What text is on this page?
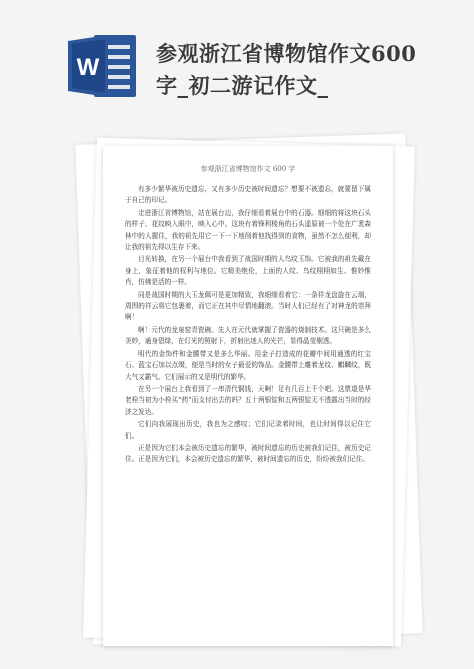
W
参观浙江省博物馆作文600
字_初二游记作文_
参观浙江省博物馆作文 600 字

有多少繁华被历史遗忘，又有多少历史被时间遗忘？想要不被遗忘，就要留下属于自己的印记。

走进浙江省博物馆，站在展台边，我仔细看着展台中的石器。细细的将这块石头的样子、花纹映入眼中，映入心中。这块有着锋利棱角的石头遥原被一个处在广袤森林中的人握住，我的祖先用它一下一下地削着他找得到的食物，虽然不怎么便利，却让我的祖先得以生存下来。

目光转换，在另一个展台中我看到了战国时期的人鸟纹玉饰。它被我的祖先戴在身上，象征着他的权利与地位。它精美绝伦，上面的人纹、鸟纹栩栩如生、惟妙惟肖，仿佛是活的一样。

同是战国时期的大玉龙佩可是更加精致，我细细看着它：一条祥龙盘旋在云端，周围的祥云将它包裹着，而它正在其中尽情地翻滚。当时人们已经有了对神龙的崇拜啊！

啊！元代的龙泉窑青瓷碗。先人在元代就掌握了瓷器的烧制技术。这只碗是多么美妙，通身碧绿，在灯光的照射下，折射出迷人的光芒，显得晶莹剔透。

明代的金饰件和金腰带又是多么华丽。用金子打造成的花瓣中间用通透的红宝石、蓝宝石加以点缀，便是当时的女子最爱的饰品。金腰带上雕着龙纹、麒麟纹，既大气又霸气。它们展示的又是明代的繁华。

在另一个展台上我看到了一串清代铜钱，天啊！足有几百上千个吧。这票道是华老栓当初为小栓买“药”而支付出去的吗？五十两银锭和五两银锭无不透露出当时的经济之发达。

它们向我展现出历史，我也为之感叹；它们记录着时间，也让时间得以记住它们。

正是因为它们本会被历史遗忘的繁华，被时间遗忘的历史被我们记住，被历史记住。正是因为它们，本会被历史遗忘的繁华，被时间遗忘的历史，纷纷被我们记住。
